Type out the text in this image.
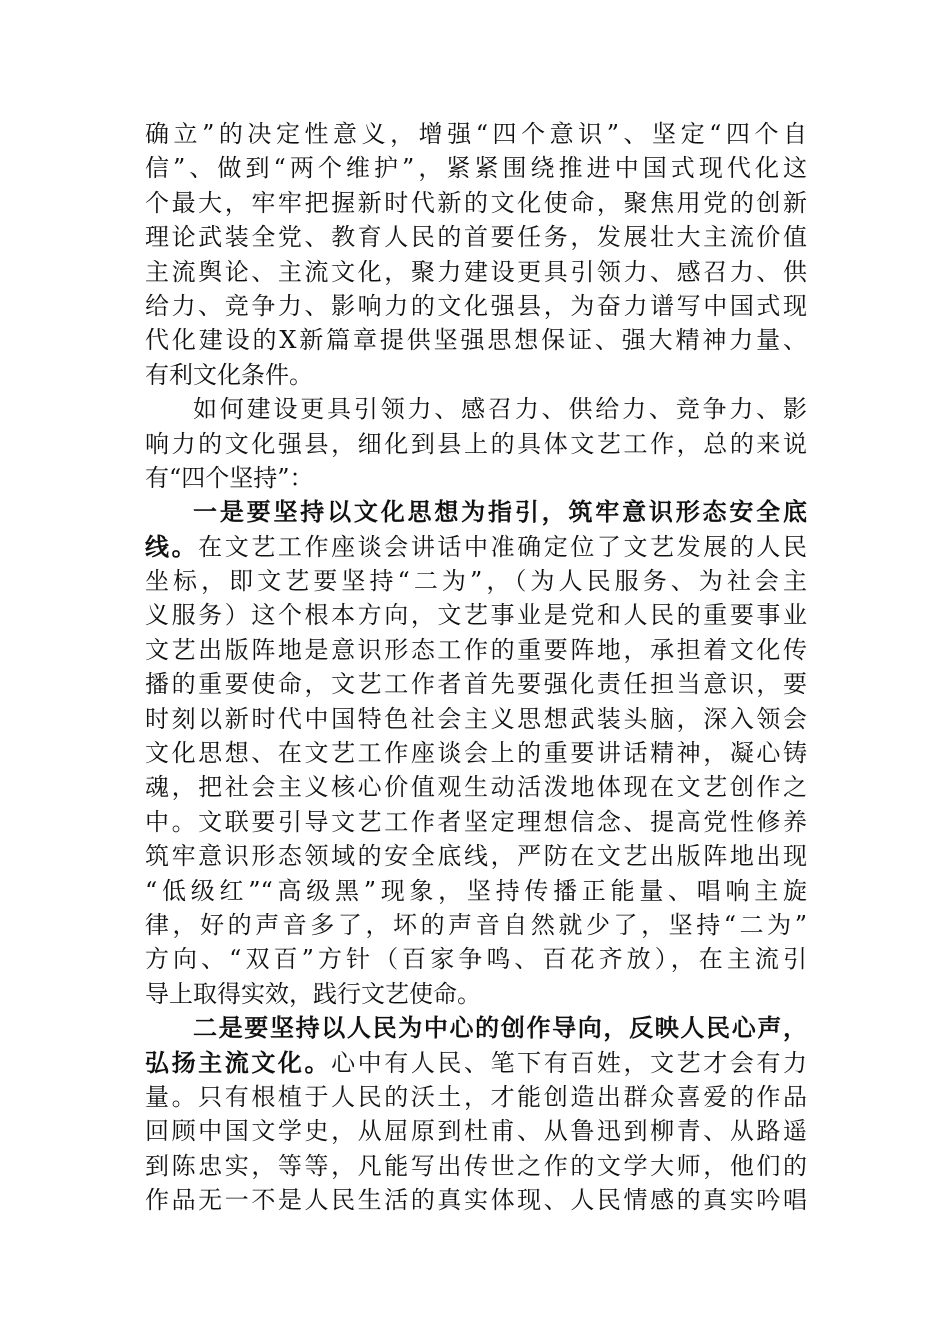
确立”的决定性意义，增强“四个意识”、坚定“四个自
信”、做到“两个维护”，紧紧围绕推进中国式现代化这
个最大，牢牢把握新时代新的文化使命，聚焦用党的创新
理论武装全党、教育人民的首要任务，发展壮大主流价值
主流舆论、主流文化，聚力建设更具引领力、感召力、供
给力、竞争力、影响力的文化强县，为奋力谱写中国式现
代化建设的X新篇章提供坚强思想保证、强大精神力量、
有利文化条件。
如何建设更具引领力、感召力、供给力、竞争力、影
响力的文化强县，细化到县上的具体文艺工作，总的来说
有“四个坚持”：
一是要坚持以文化思想为指引，筑牢意识形态安全底
线。在文艺工作座谈会讲话中准确定位了文艺发展的人民
坐标，即文艺要坚持“二为”，（为人民服务、为社会主
义服务）这个根本方向，文艺事业是党和人民的重要事业
文艺出版阵地是意识形态工作的重要阵地，承担着文化传
播的重要使命，文艺工作者首先要强化责任担当意识，要
时刻以新时代中国特色社会主义思想武装头脑，深入领会
文化思想、在文艺工作座谈会上的重要讲话精神，凝心铸
魂，把社会主义核心价值观生动活泼地体现在文艺创作之
中。文联要引导文艺工作者坚定理想信念、提高党性修养
筑牢意识形态领域的安全底线，严防在文艺出版阵地出现
“低级红”“高级黑”现象，坚持传播正能量、唱响主旋
律，好的声音多了，坏的声音自然就少了，坚持“二为”
方向、“双百”方针（百家争鸣、百花齐放），在主流引
导上取得实效，践行文艺使命。
二是要坚持以人民为中心的创作导向，反映人民心声，
弘扬主流文化。心中有人民、笔下有百姓，文艺才会有力
量。只有根植于人民的沃土，才能创造出群众喜爱的作品
回顾中国文学史，从屈原到杜甫、从鲁迅到柳青、从路遥
到陈忠实，等等，凡能写出传世之作的文学大师，他们的
作品无一不是人民生活的真实体现、人民情感的真实吟唱
